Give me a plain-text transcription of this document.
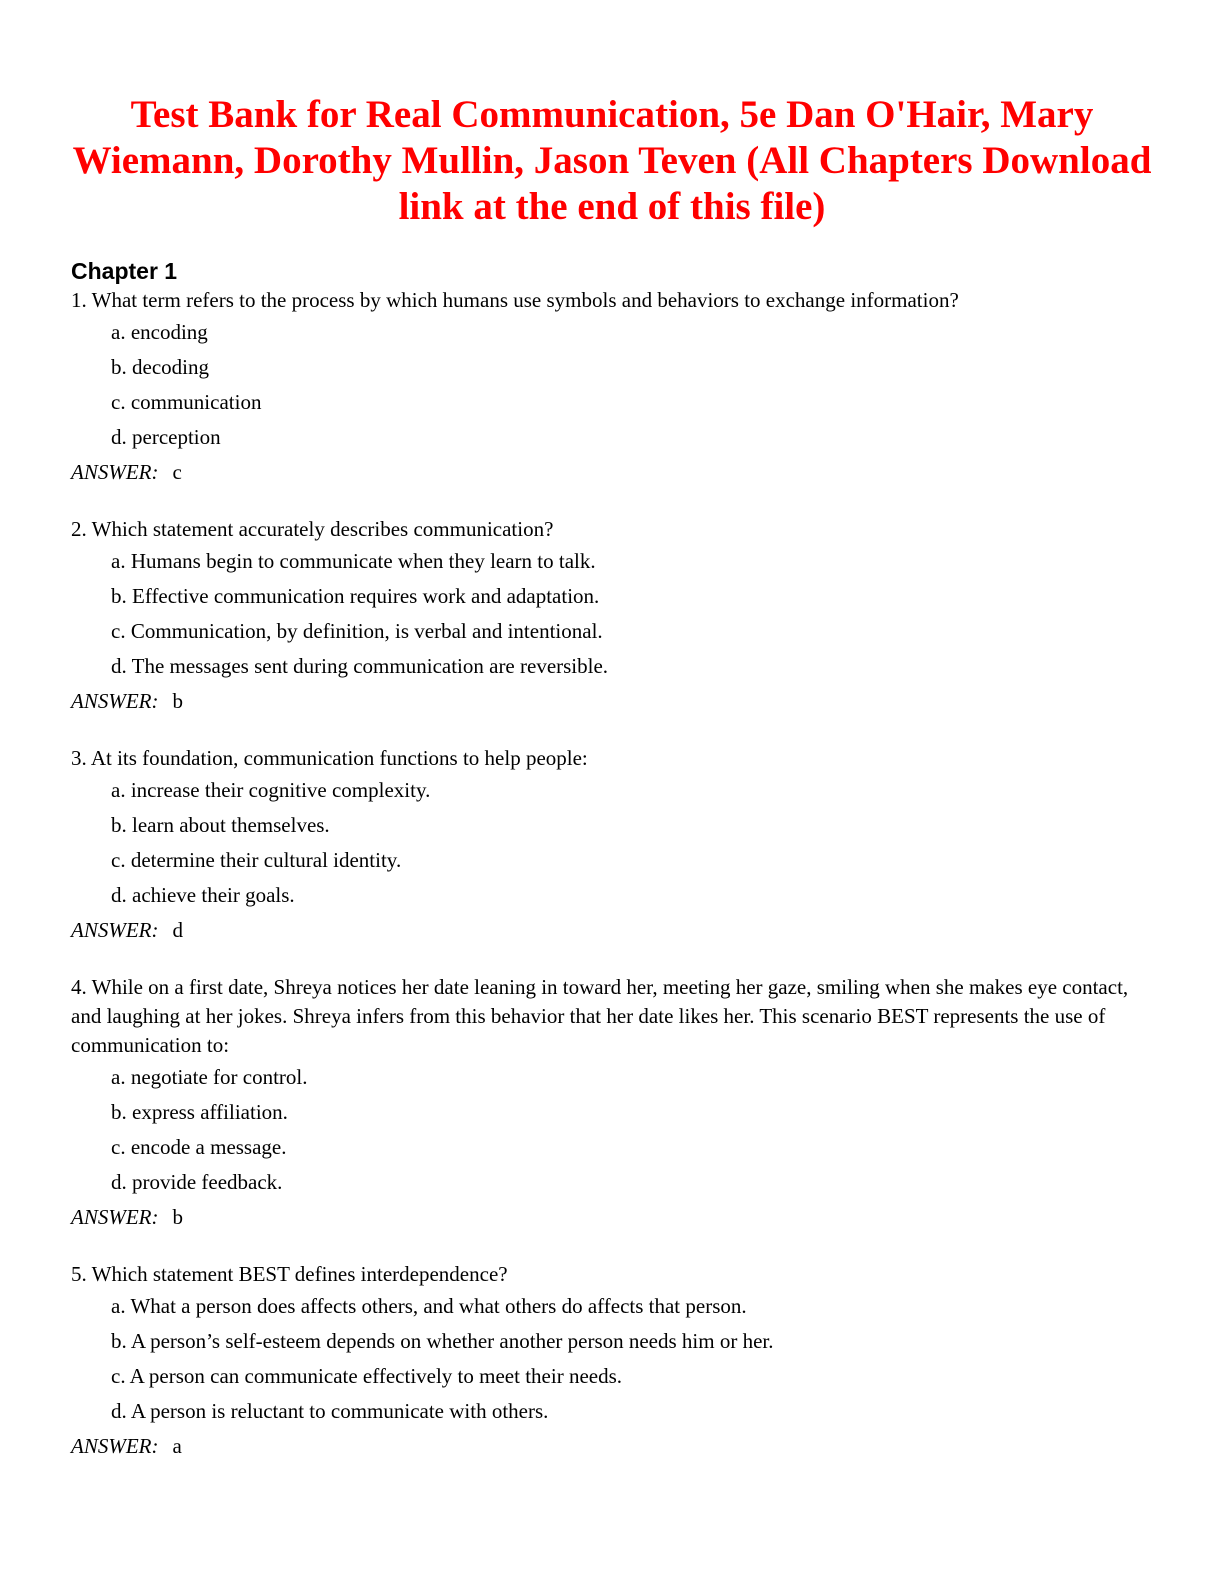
Test Bank for Real Communication, 5e Dan O'Hair, Mary Wiemann, Dorothy Mullin, Jason Teven (All Chapters Download link at the end of this file)
Chapter 1

1. What term refers to the process by which humans use symbols and behaviors to exchange information?

a. encoding
b. decoding
c. communication
d. perception
ANSWER: c

2. Which statement accurately describes communication?

a. Humans begin to communicate when they learn to talk.
b. Effective communication requires work and adaptation.
c. Communication, by definition, is verbal and intentional.
d. The messages sent during communication are reversible.
ANSWER: b

3. At its foundation, communication functions to help people:

a. increase their cognitive complexity.
b. learn about themselves.
c. determine their cultural identity.
d. achieve their goals.
ANSWER: d

4. While on a first date, Shreya notices her date leaning in toward her, meeting her gaze, smiling when she makes eye contact, and laughing at her jokes. Shreya infers from this behavior that her date likes her. This scenario BEST represents the use of communication to:

a. negotiate for control.
b. express affiliation.
c. encode a message.
d. provide feedback.
ANSWER: b

5. Which statement BEST defines interdependence?

a. What a person does affects others, and what others do affects that person.
b. A person’s self-esteem depends on whether another person needs him or her.
c. A person can communicate effectively to meet their needs.
d. A person is reluctant to communicate with others.
ANSWER: a
